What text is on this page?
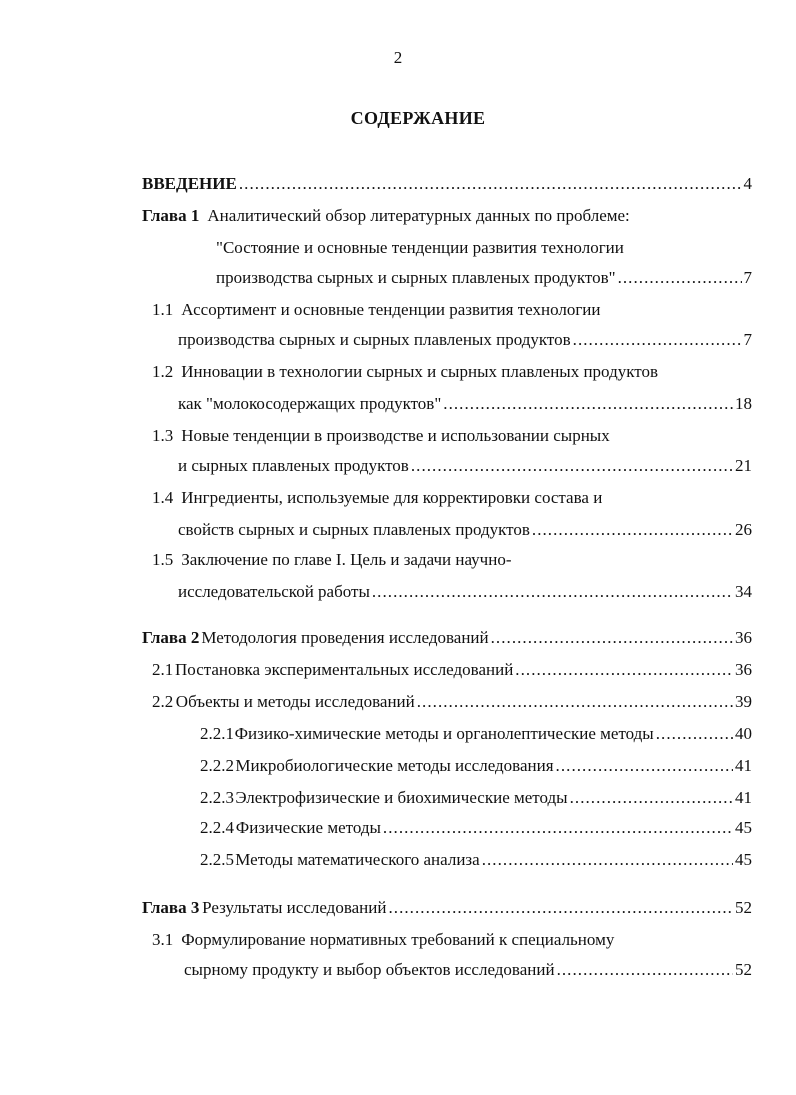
2
СОДЕРЖАНИЕ
ВВЕДЕНИЕ . . .	4
Глава 1 Аналитический обзор литературных данных по проблеме:
"Состояние и основные тенденции развития технологии
производства сырных и сырных плавленых продуктов" . . .	7
1.1 Ассортимент и основные тенденции развития технологии
производства сырных и сырных плавленых продуктов . . .	7
1.2 Инновации в технологии сырных и сырных плавленых продуктов
как "молокосодержащих продуктов" . . .	18
1.3 Новые тенденции в производстве и использовании сырных
и сырных плавленых продуктов . . .	21
1.4 Ингредиенты, используемые для корректировки состава и
свойств сырных и сырных плавленых продуктов . . .	26
1.5 Заключение по главе I. Цель и задачи научно-
исследовательской работы . . .	34
Глава 2 Методология проведения исследований . . .	36
2.1 Постановка экспериментальных исследований . . .	36
2.2 Объекты и методы исследований . . .	39
2.2.1 Физико-химические методы и органолептические методы . . .	40
2.2.2 Микробиологические методы исследования . . .	41
2.2.3 Электрофизические и биохимические методы . . .	41
2.2.4 Физические методы . . .	45
2.2.5 Методы математического анализа . . .	45
Глава 3 Результаты исследований . . .	52
3.1 Формулирование нормативных требований к специальному
сырному продукту и выбор объектов исследований . . .	52
